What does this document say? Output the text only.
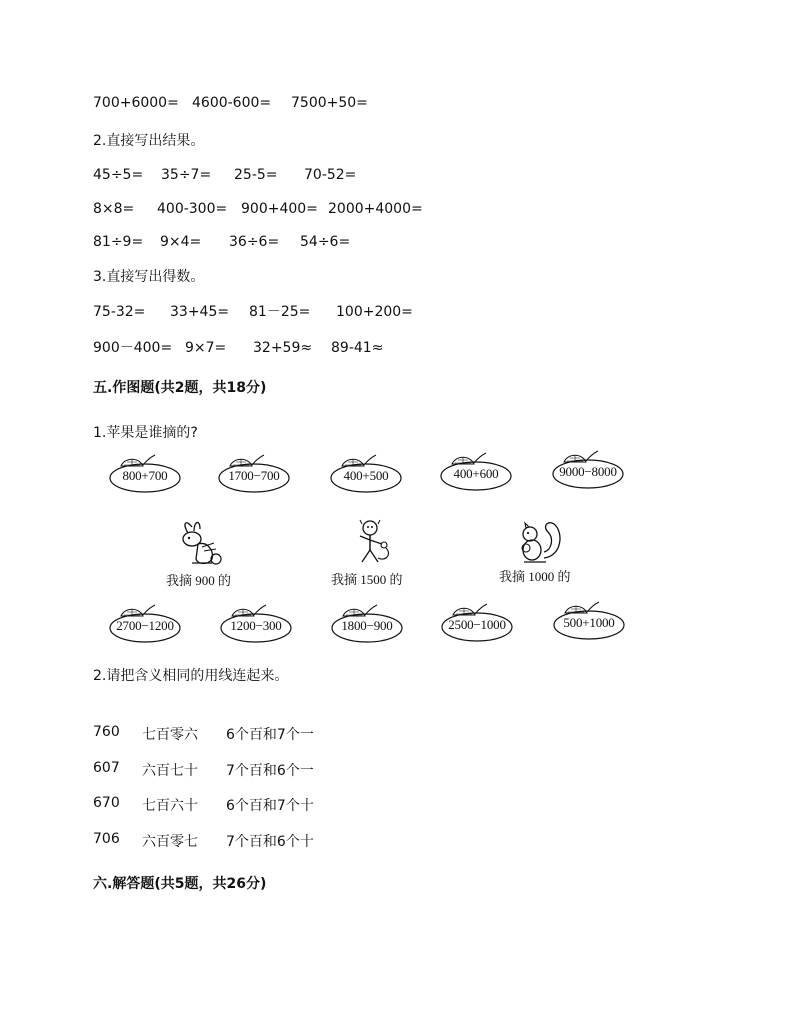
700+6000= 4600-600= 7500+50=
2.直接写出结果。
45÷5= 35÷7= 25-5= 70-52=
8×8= 400-300= 900+400= 2000+4000=
81÷9= 9×4= 36÷6= 54÷6=
3.直接写出得数。
75-32= 33+45= 81－25= 100+200=
900－400= 9×7= 32+59≈ 89-41≈
五.作图题(共2题，共18分)
1.苹果是谁摘的?
800+700	1700−700	400+500	400+600	9000−8000
我摘 900 的	我摘 1500 的	我摘 1000 的
2700−1200	1200−300	1800−900	2500−1000	500+1000
2.请把含义相同的用线连起来。
760 七百零六 6个百和7个一
607 六百七十 7个百和6个一
670 七百六十 6个百和7个十
706 六百零七 7个百和6个十
六.解答题(共5题，共26分)
